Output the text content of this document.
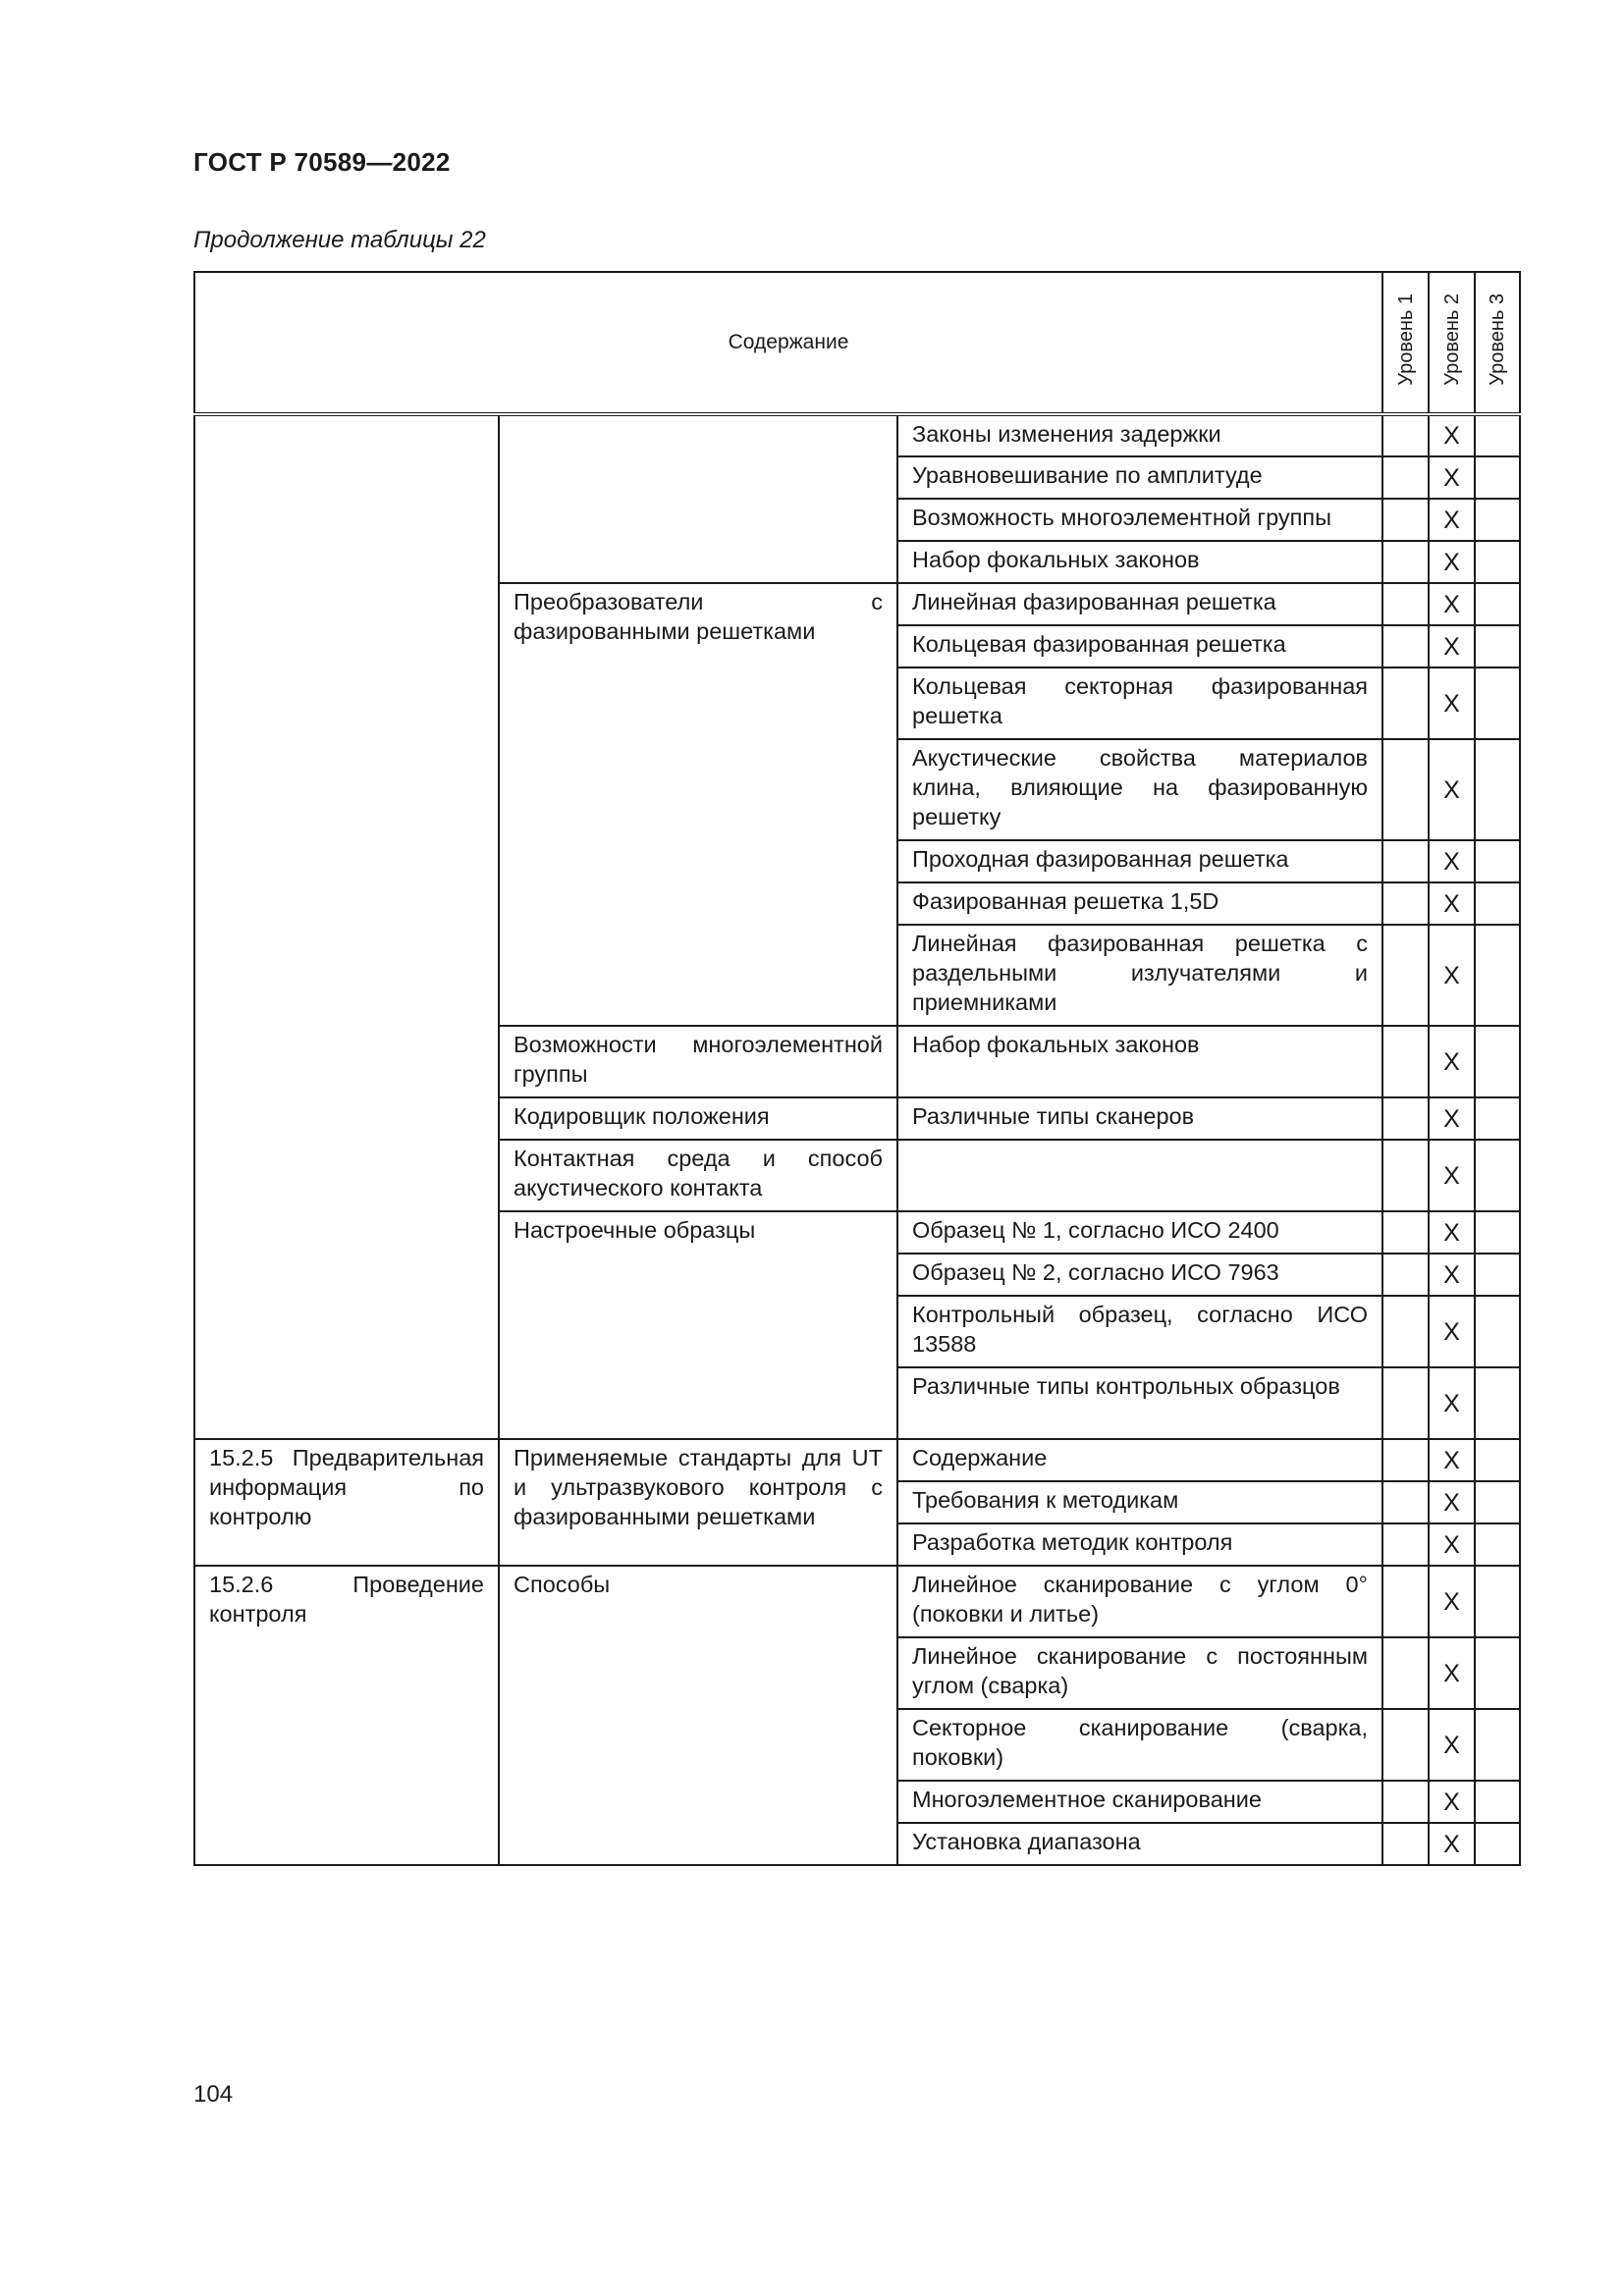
ГОСТ Р 70589—2022
Продолжение таблицы 22
Содержание			Уровень 1	Уровень 2	Уровень 3
		Законы изменения задержки		X	
		Уравновешивание по амплитуде		X	
		Возможность многоэлементной группы		X	
		Набор фокальных законов		X	
	Преобразователи с фазированными решетками	Линейная фазированная решетка		X	
		Кольцевая фазированная решетка		X	
		Кольцевая секторная фазированная решетка		X	
		Акустические свойства материалов клина, влияющие на фазированную решетку		X	
		Проходная фазированная решетка		X	
		Фазированная решетка 1,5D		X	
		Линейная фазированная решетка с раздельными излучателями и приемниками		X	
	Возможности многоэлементной группы	Набор фокальных законов		X	
	Кодировщик положения	Различные типы сканеров		X	
	Контактная среда и способ акустического контакта			X	
	Настроечные образцы	Образец № 1, согласно ИСО 2400		X	
		Образец № 2, согласно ИСО 7963		X	
		Контрольный образец, согласно ИСО 13588		X	
		Различные типы контрольных образцов		X	
15.2.5 Предварительная информация по контролю	Применяемые стандарты для UT и ультразвукового контроля с фазированными решетками	Содержание		X	
		Требования к методикам		X	
		Разработка методик контроля		X	
15.2.6 Проведение контроля	Способы	Линейное сканирование с углом 0° (поковки и литье)		X	
		Линейное сканирование с постоянным углом (сварка)		X	
		Секторное сканирование (сварка, поковки)		X	
		Многоэлементное сканирование		X	
		Установка диапазона		X	
104
